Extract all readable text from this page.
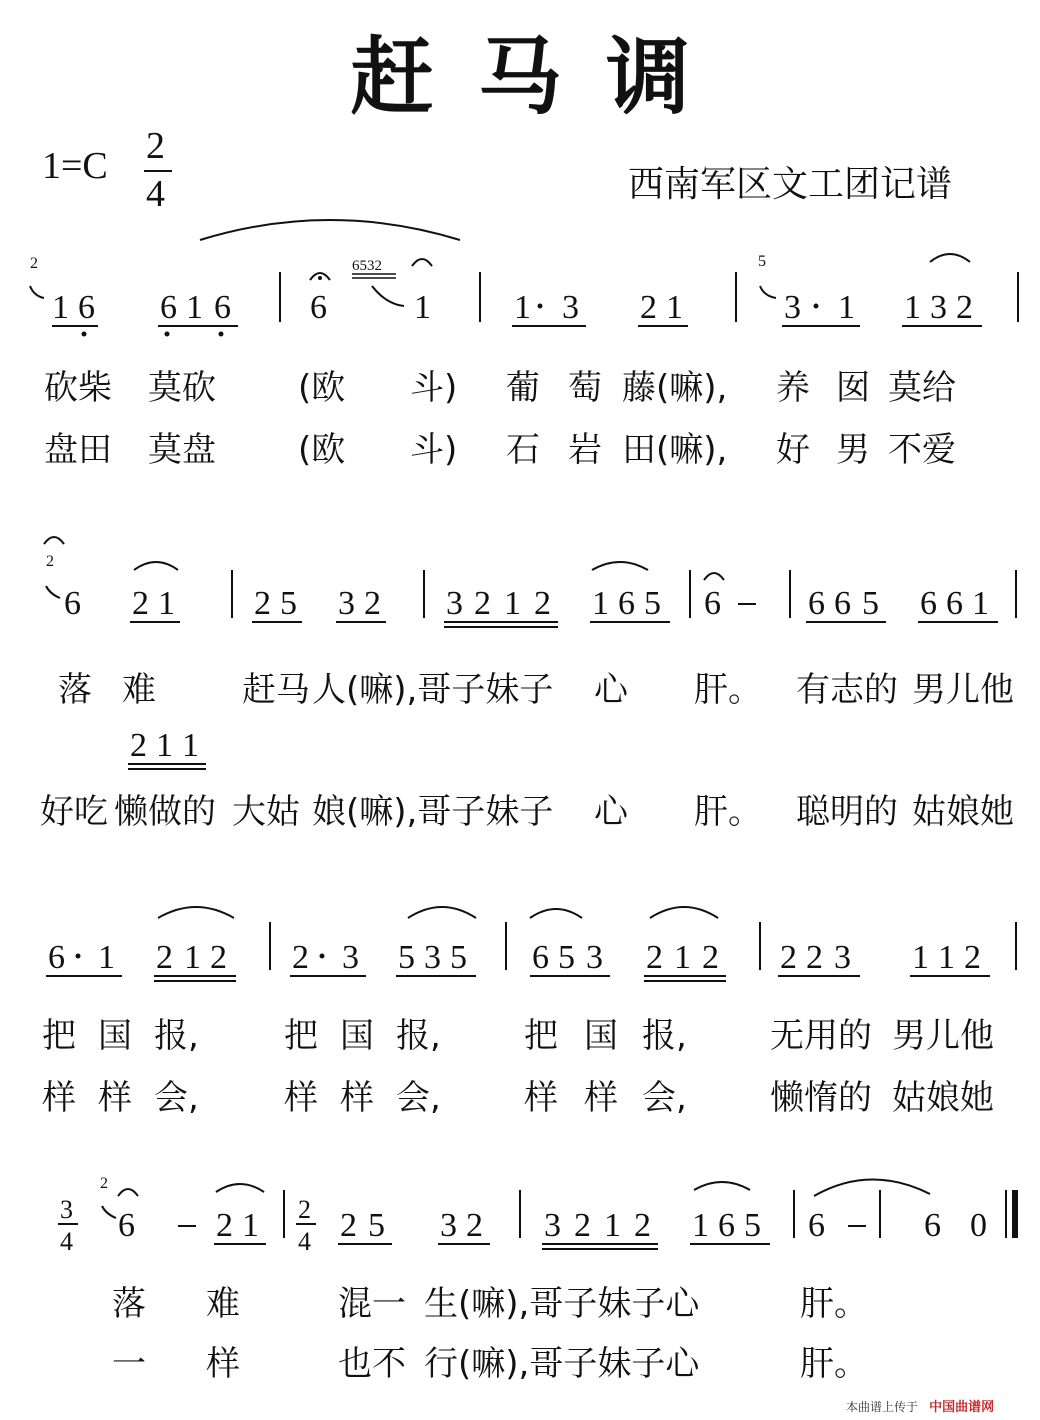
赶马调
1=C 2
4	西南军区文工团记谱
2
1 6 6 1 6 6
6532
1 1 3 2 1
5
3 1 1 3 2
2
6 2 1 2 5 3 2 3 2 1 2 1 6 5 6	6 6 5 6 6 1
2 1 1
6 1 2 1 2 2 3 5 3 5 6 5 3 2 1 2 2 2 3 1 1 2
3
4
2
6 2 1 2
4 2 5 3 2 3 2 1 2 1 6 5 6	6 0
砍柴 莫砍 (欧 斗) 葡 萄 藤(嘛), 养 囡 莫给
盘田 莫盘 (欧 斗) 石 岩 田(嘛), 好 男 不爱
落 难	赶马 人(嘛),哥子妹子 心 肝。 有志的 男儿他
好吃 懒做的 大姑 娘(嘛),哥子妹子 心 肝。 聪明的 姑娘她
把 国 报,	把 国 报, 把 国 报, 无用的 男儿他
样 样 会,	样 样 会, 样 样 会, 懒惰的 姑娘她
落 难	混一 生(嘛),哥子妹子心	肝。
一 样	也不 行(嘛),哥子妹子心	肝。
本曲谱上传于 中国曲谱网
